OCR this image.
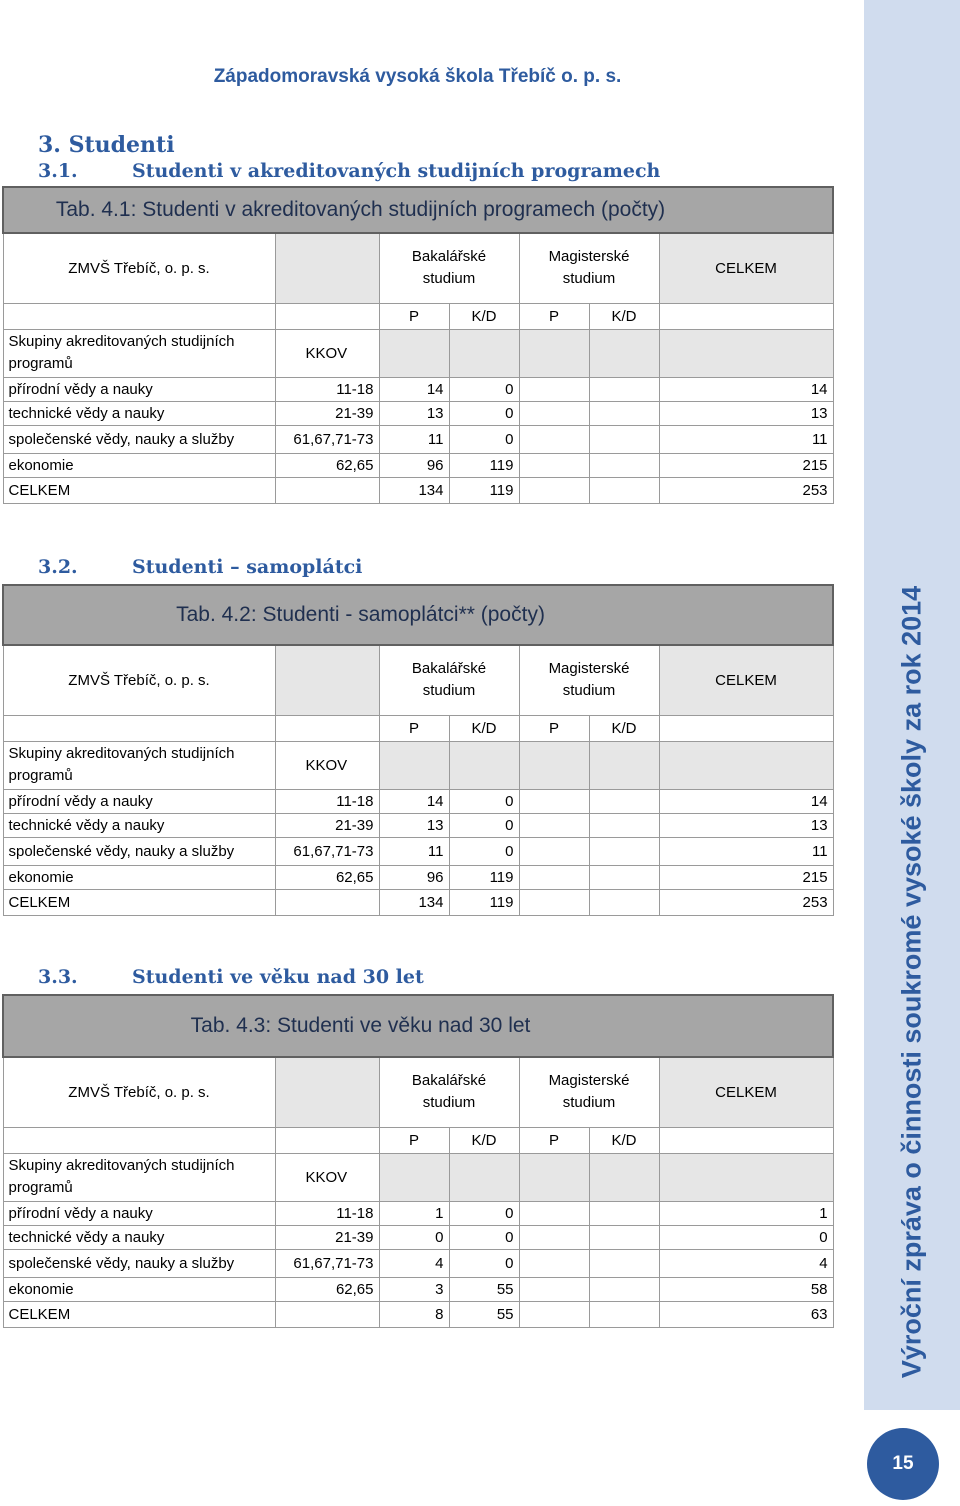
Západomoravská vysoká škola Třebíč o. p. s.
3. Studenti
3.1.	Studenti v akreditovaných studijních programech
3.2.	Studenti – samoplátci
3.3.	Studenti ve věku nad 30 let
Tab. 4.1: Studenti v akreditovaných studijních programech (počty)						
ZMVŠ Třebíč, o. p. s.		Bakalářské studium		Magisterské studium		CELKEM
		P	K/D	P	K/D	
Skupiny akreditovaných studijních programů	KKOV					
přírodní vědy a nauky	11-18	14	0			14
technické vědy a nauky	21-39	13	0			13
společenské vědy, nauky a služby	61,67,71-73	11	0			11
ekonomie	62,65	96	119			215
CELKEM		134	119			253
Tab. 4.2: Studenti - samoplátci** (počty)						
ZMVŠ Třebíč, o. p. s.		Bakalářské studium		Magisterské studium		CELKEM
		P	K/D	P	K/D	
Skupiny akreditovaných studijních programů	KKOV					
přírodní vědy a nauky	11-18	14	0			14
technické vědy a nauky	21-39	13	0			13
společenské vědy, nauky a služby	61,67,71-73	11	0			11
ekonomie	62,65	96	119			215
CELKEM		134	119			253
Tab. 4.3: Studenti ve věku nad 30 let						
ZMVŠ Třebíč, o. p. s.		Bakalářské studium		Magisterské studium		CELKEM
		P	K/D	P	K/D	
Skupiny akreditovaných studijních programů	KKOV					
přírodní vědy a nauky	11-18	1	0			1
technické vědy a nauky	21-39	0	0			0
společenské vědy, nauky a služby	61,67,71-73	4	0			4
ekonomie	62,65	3	55			58
CELKEM		8	55			63	Výroční zpráva o činnosti soukromé vysoké školy za rok 2014
15
